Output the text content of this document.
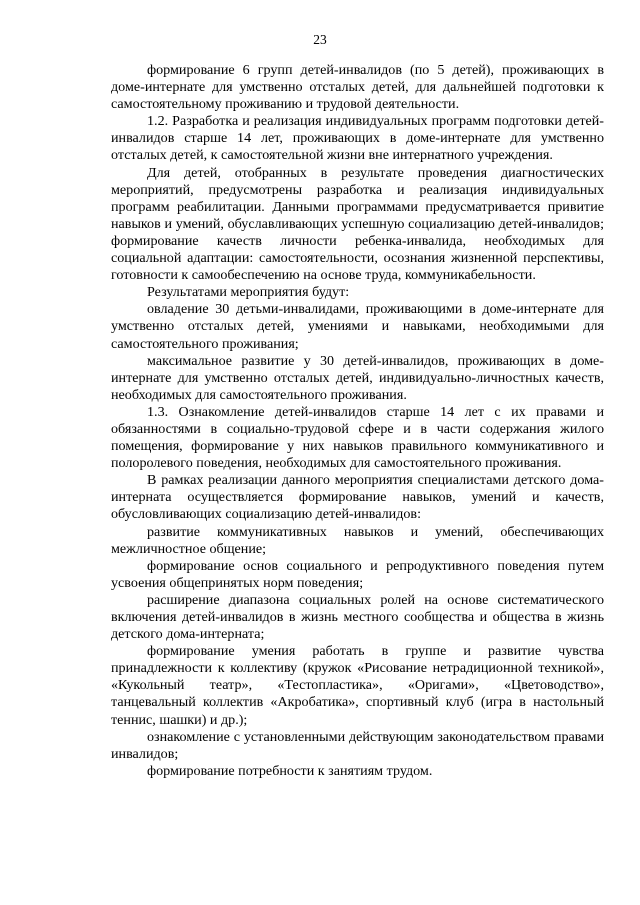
23

формирование 6 групп детей-инвалидов (по 5 детей), проживающих в доме-интернате для умственно отсталых детей, для дальнейшей подготовки к самостоятельному проживанию и трудовой деятельности.

1.2. Разработка и реализация индивидуальных программ подготовки детей-инвалидов старше 14 лет, проживающих в доме-интернате для умственно отсталых детей, к самостоятельной жизни вне интернатного учреждения.

Для детей, отобранных в результате проведения диагностических мероприятий, предусмотрены разработка и реализация индивидуальных программ реабилитации. Данными программами предусматривается привитие навыков и умений, обуславливающих успешную социализацию детей-инвалидов; формирование качеств личности ребенка-инвалида, необходимых для социальной адаптации: самостоятельности, осознания жизненной перспективы, готовности к самообеспечению на основе труда, коммуникабельности.

Результатами мероприятия будут:

овладение 30 детьми-инвалидами, проживающими в доме-интернате для умственно отсталых детей, умениями и навыками, необходимыми для самостоятельного проживания;

максимальное развитие у 30 детей-инвалидов, проживающих в доме-интернате для умственно отсталых детей, индивидуально-личностных качеств, необходимых для самостоятельного проживания.

1.3. Ознакомление детей-инвалидов старше 14 лет с их правами и обязанностями в социально-трудовой сфере и в части содержания жилого помещения, формирование у них навыков правильного коммуникативного и полоролевого поведения, необходимых для самостоятельного проживания.

В рамках реализации данного мероприятия специалистами детского дома-интерната осуществляется формирование навыков, умений и качеств, обусловливающих социализацию детей-инвалидов:

развитие коммуникативных навыков и умений, обеспечивающих межличностное общение;

формирование основ социального и репродуктивного поведения путем усвоения общепринятых норм поведения;

расширение диапазона социальных ролей на основе систематического включения детей-инвалидов в жизнь местного сообщества и общества в жизнь детского дома-интерната;

формирование умения работать в группе и развитие чувства принадлежности к коллективу (кружок «Рисование нетрадиционной техникой», «Кукольный театр», «Тестопластика», «Оригами», «Цветоводство», танцевальный коллектив «Акробатика», спортивный клуб (игра в настольный теннис, шашки) и др.);

ознакомление с установленными действующим законодательством правами инвалидов;

формирование потребности к занятиям трудом.
